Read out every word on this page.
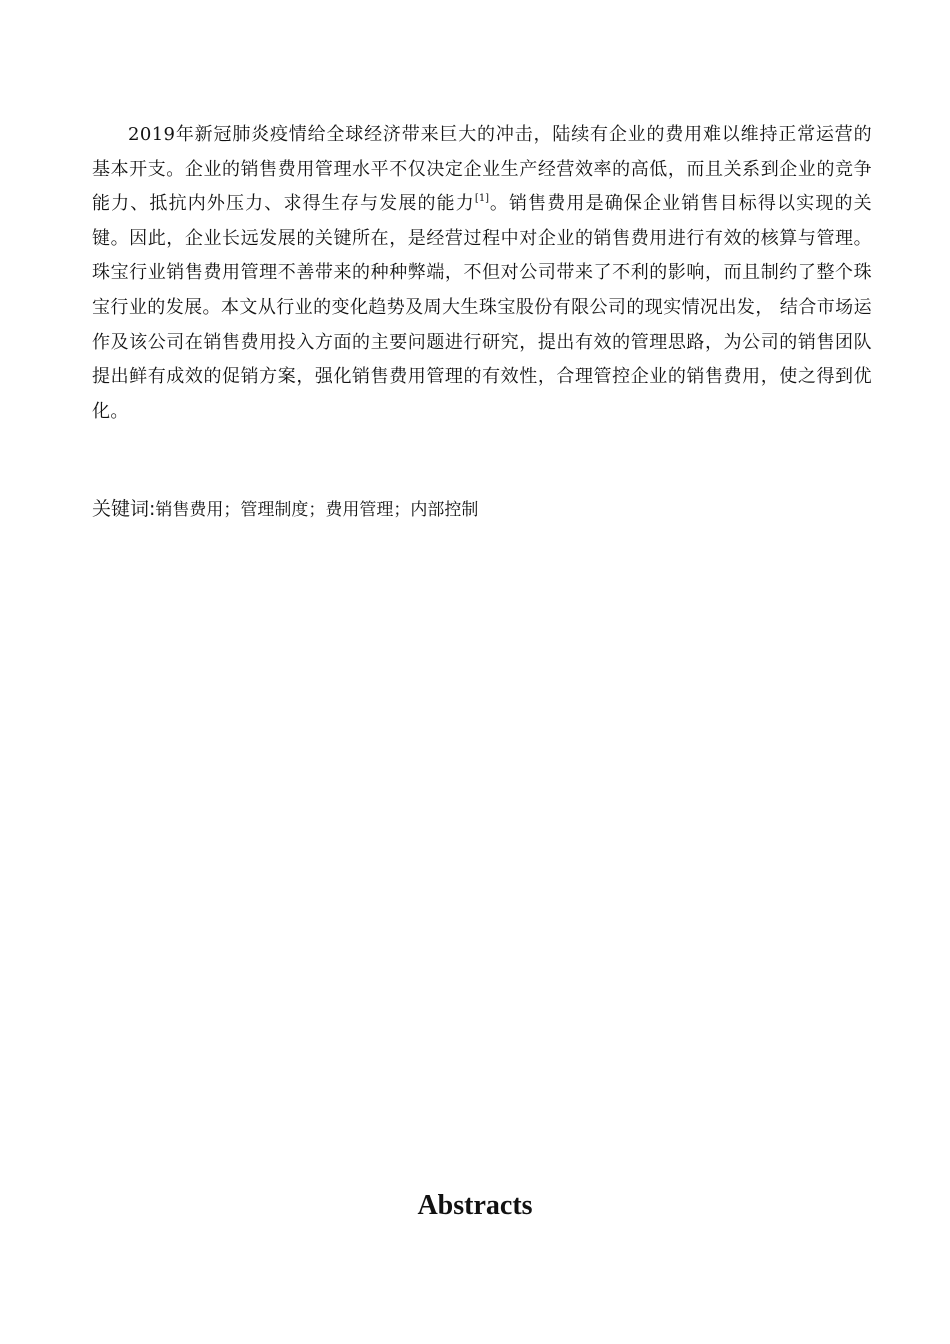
2019年新冠肺炎疫情给全球经济带来巨大的冲击，陆续有企业的费用难以维持正常运营的基本开支。企业的销售费用管理水平不仅决定企业生产经营效率的高低，而且关系到企业的竞争能力、抵抗内外压力、求得生存与发展的能力[1]。销售费用是确保企业销售目标得以实现的关键。因此，企业长远发展的关键所在，是经营过程中对企业的销售费用进行有效的核算与管理。珠宝行业销售费用管理不善带来的种种弊端，不但对公司带来了不利的影响，而且制约了整个珠宝行业的发展。本文从行业的变化趋势及周大生珠宝股份有限公司的现实情况出发， 结合市场运作及该公司在销售费用投入方面的主要问题进行研究，提出有效的管理思路，为公司的销售团队提出鲜有成效的促销方案，强化销售费用管理的有效性，合理管控企业的销售费用，使之得到优化。

关键词:销售费用；管理制度；费用管理；内部控制

Abstracts
